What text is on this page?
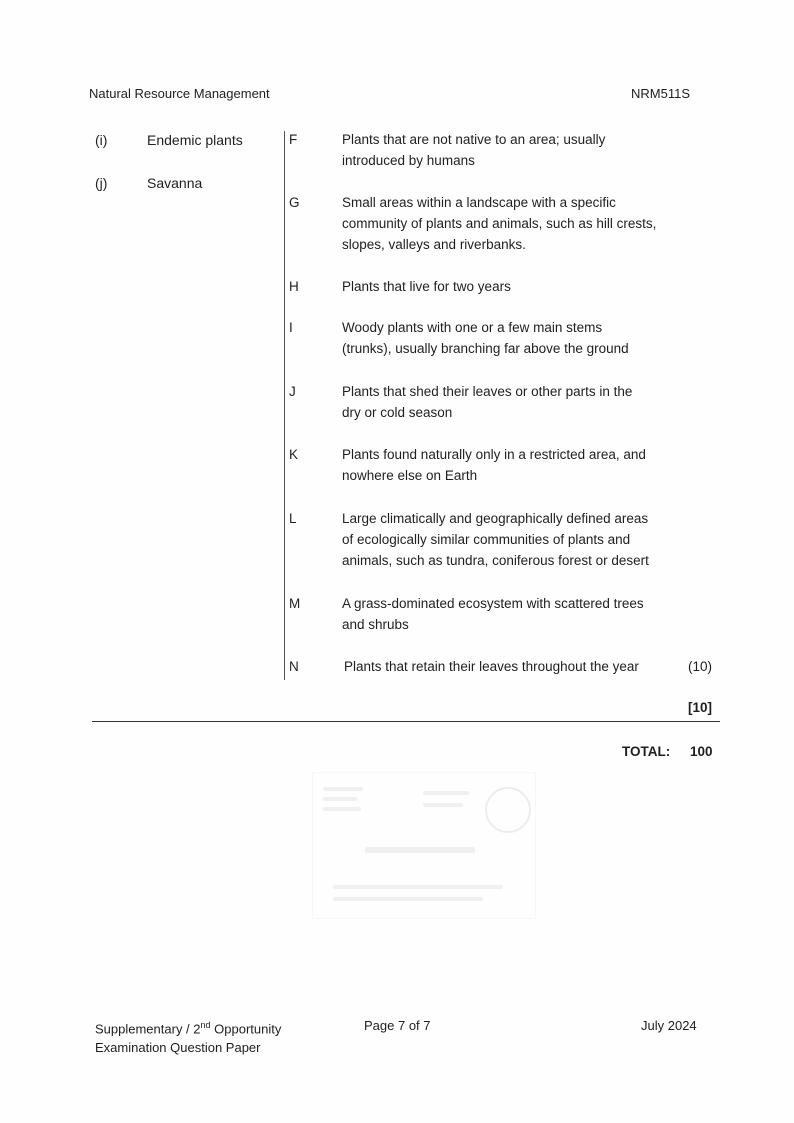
Natural Resource Management	NRM511S
(i)	Endemic plants
(j)	Savanna
F	Plants that are not native to an area; usually
introduced by humans
G	Small areas within a landscape with a specific
community of plants and animals, such as hill crests,
slopes, valleys and riverbanks.
H	Plants that live for two years
I	Woody plants with one or a few main stems
(trunks), usually branching far above the ground
J	Plants that shed their leaves or other parts in the
dry or cold season
K	Plants found naturally only in a restricted area, and
nowhere else on Earth
L	Large climatically and geographically defined areas
of ecologically similar communities of plants and
animals, such as tundra, coniferous forest or desert
M	A grass-dominated ecosystem with scattered trees
and shrubs
N	Plants that retain their leaves throughout the year	(10)
[10]
TOTAL: 100
Supplementary / 2nd Opportunity
Examination Question Paper
Page 7 of 7	July 2024
